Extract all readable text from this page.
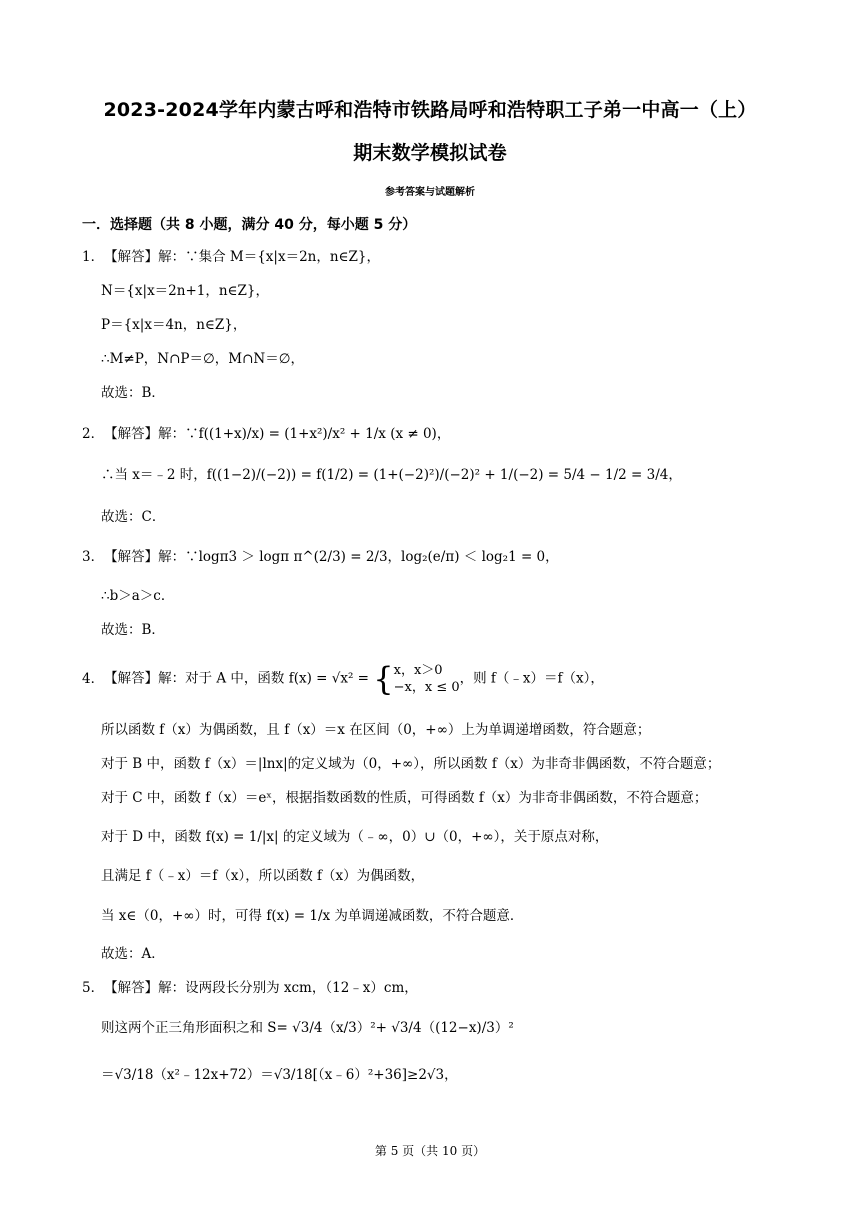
2023-2024学年内蒙古呼和浩特市铁路局呼和浩特职工子弟一中高一（上）
期末数学模拟试卷
参考答案与试题解析
一．选择题（共 8 小题，满分 40 分，每小题 5 分）
1．【解答】解：∵集合 M＝{x|x＝2n，n∈Z}，
N＝{x|x＝2n+1，n∈Z}，
P＝{x|x＝4n，n∈Z}，
∴M≠P，N∩P＝∅，M∩N＝∅，
故选：B．
2．【解答】解：∵f((1+x)/x) = (1+x²)/x² + 1/x (x ≠ 0)，
∴当 x＝﹣2 时，f((1−2)/(−2)) = f(1/2) = (1+(−2)²)/(−2)² + 1/(−2) = 5/4 − 1/2 = 3/4，
故选：C．
3．【解答】解：∵logπ3 ＞ logπ π^(2/3) = 2/3，log₂(e/π) ＜ log₂1 = 0，
∴b＞a＞c．
故选：B．
4．【解答】解：对于 A 中，函数 f(x) = √x² = { x，x＞0
−x，x ≤ 0
，则 f（﹣x）＝f（x），
所以函数 f（x）为偶函数，且 f（x）＝x 在区间（0，+∞）上为单调递增函数，符合题意；
对于 B 中，函数 f（x）＝|lnx|的定义域为（0，+∞），所以函数 f（x）为非奇非偶函数，不符合题意；
对于 C 中，函数 f（x）＝eˣ，根据指数函数的性质，可得函数 f（x）为非奇非偶函数，不符合题意；
对于 D 中，函数 f(x) = 1/|x| 的定义域为（﹣∞，0）∪（0，+∞），关于原点对称，
且满足 f（﹣x）＝f（x），所以函数 f（x）为偶函数，
当 x∈（0，+∞）时，可得 f(x) = 1/x 为单调递减函数，不符合题意．
故选：A．
5．【解答】解：设两段长分别为 xcm，（12﹣x）cm，
则这两个正三角形面积之和 S= √3/4（x/3）²+ √3/4（(12−x)/3）²
＝√3/18（x²﹣12x+72）＝√3/18[（x﹣6）²+36]≥2√3，
第 5 页（共 10 页）
